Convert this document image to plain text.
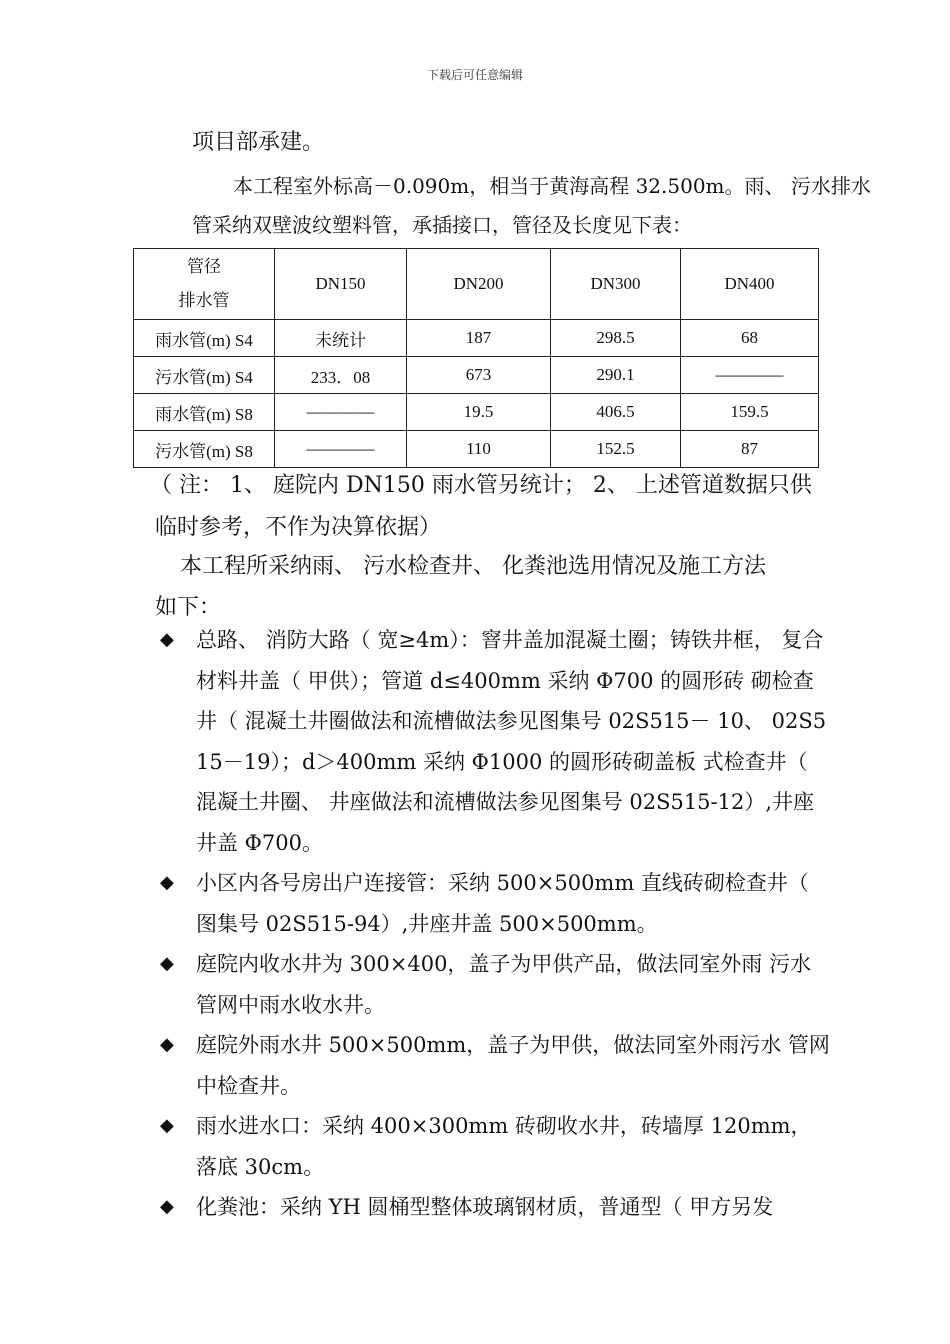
下载后可任意编辑
项目部承建。
本工程室外标高－0.090m，相当于黄海高程 32.500m。雨、 污水排水
管采纳双壁波纹塑料管，承插接口，管径及长度见下表：
管径
排水管	DN150	DN200	DN300	DN400
雨水管(m) S4	未统计	187	298.5	68
污水管(m) S4	233．08	673	290.1	————
雨水管(m) S8	————	19.5	406.5	159.5
污水管(m) S8	————	110	152.5	87
（ 注： 1、 庭院内 DN150 雨水管另统计； 2、 上述管道数据只供
临时参考，不作为决算依据）
本工程所采纳雨、 污水检查井、 化粪池选用情况及施工方法
如下：
◆	总路、 消防大路（ 宽≥4m）：窨井盖加混凝土圈；铸铁井框， 复合材料井盖（ 甲供）；管道 d≤400mm 采纳 Φ700 的圆形砖 砌检查井（ 混凝土井圈做法和流槽做法参见图集号 02S515－ 10、 02S515－19）；d＞400mm 采纳 Φ1000 的圆形砖砌盖板 式检查井（ 混凝土井圈、 井座做法和流槽做法参见图集号 02S515-12）,井座井盖 Φ700。
◆	小区内各号房出户连接管：采纳 500×500mm 直线砖砌检查井（ 图集号 02S515-94）,井座井盖 500×500mm。
◆	庭院内收水井为 300×400，盖子为甲供产品，做法同室外雨 污水管网中雨水收水井。
◆	庭院外雨水井 500×500mm，盖子为甲供，做法同室外雨污水 管网中检查井。
◆	雨水进水口：采纳 400×300mm 砖砌收水井，砖墙厚 120mm， 落底 30cm。
◆	化粪池：采纳 YH 圆桶型整体玻璃钢材质，普通型（ 甲方另发
